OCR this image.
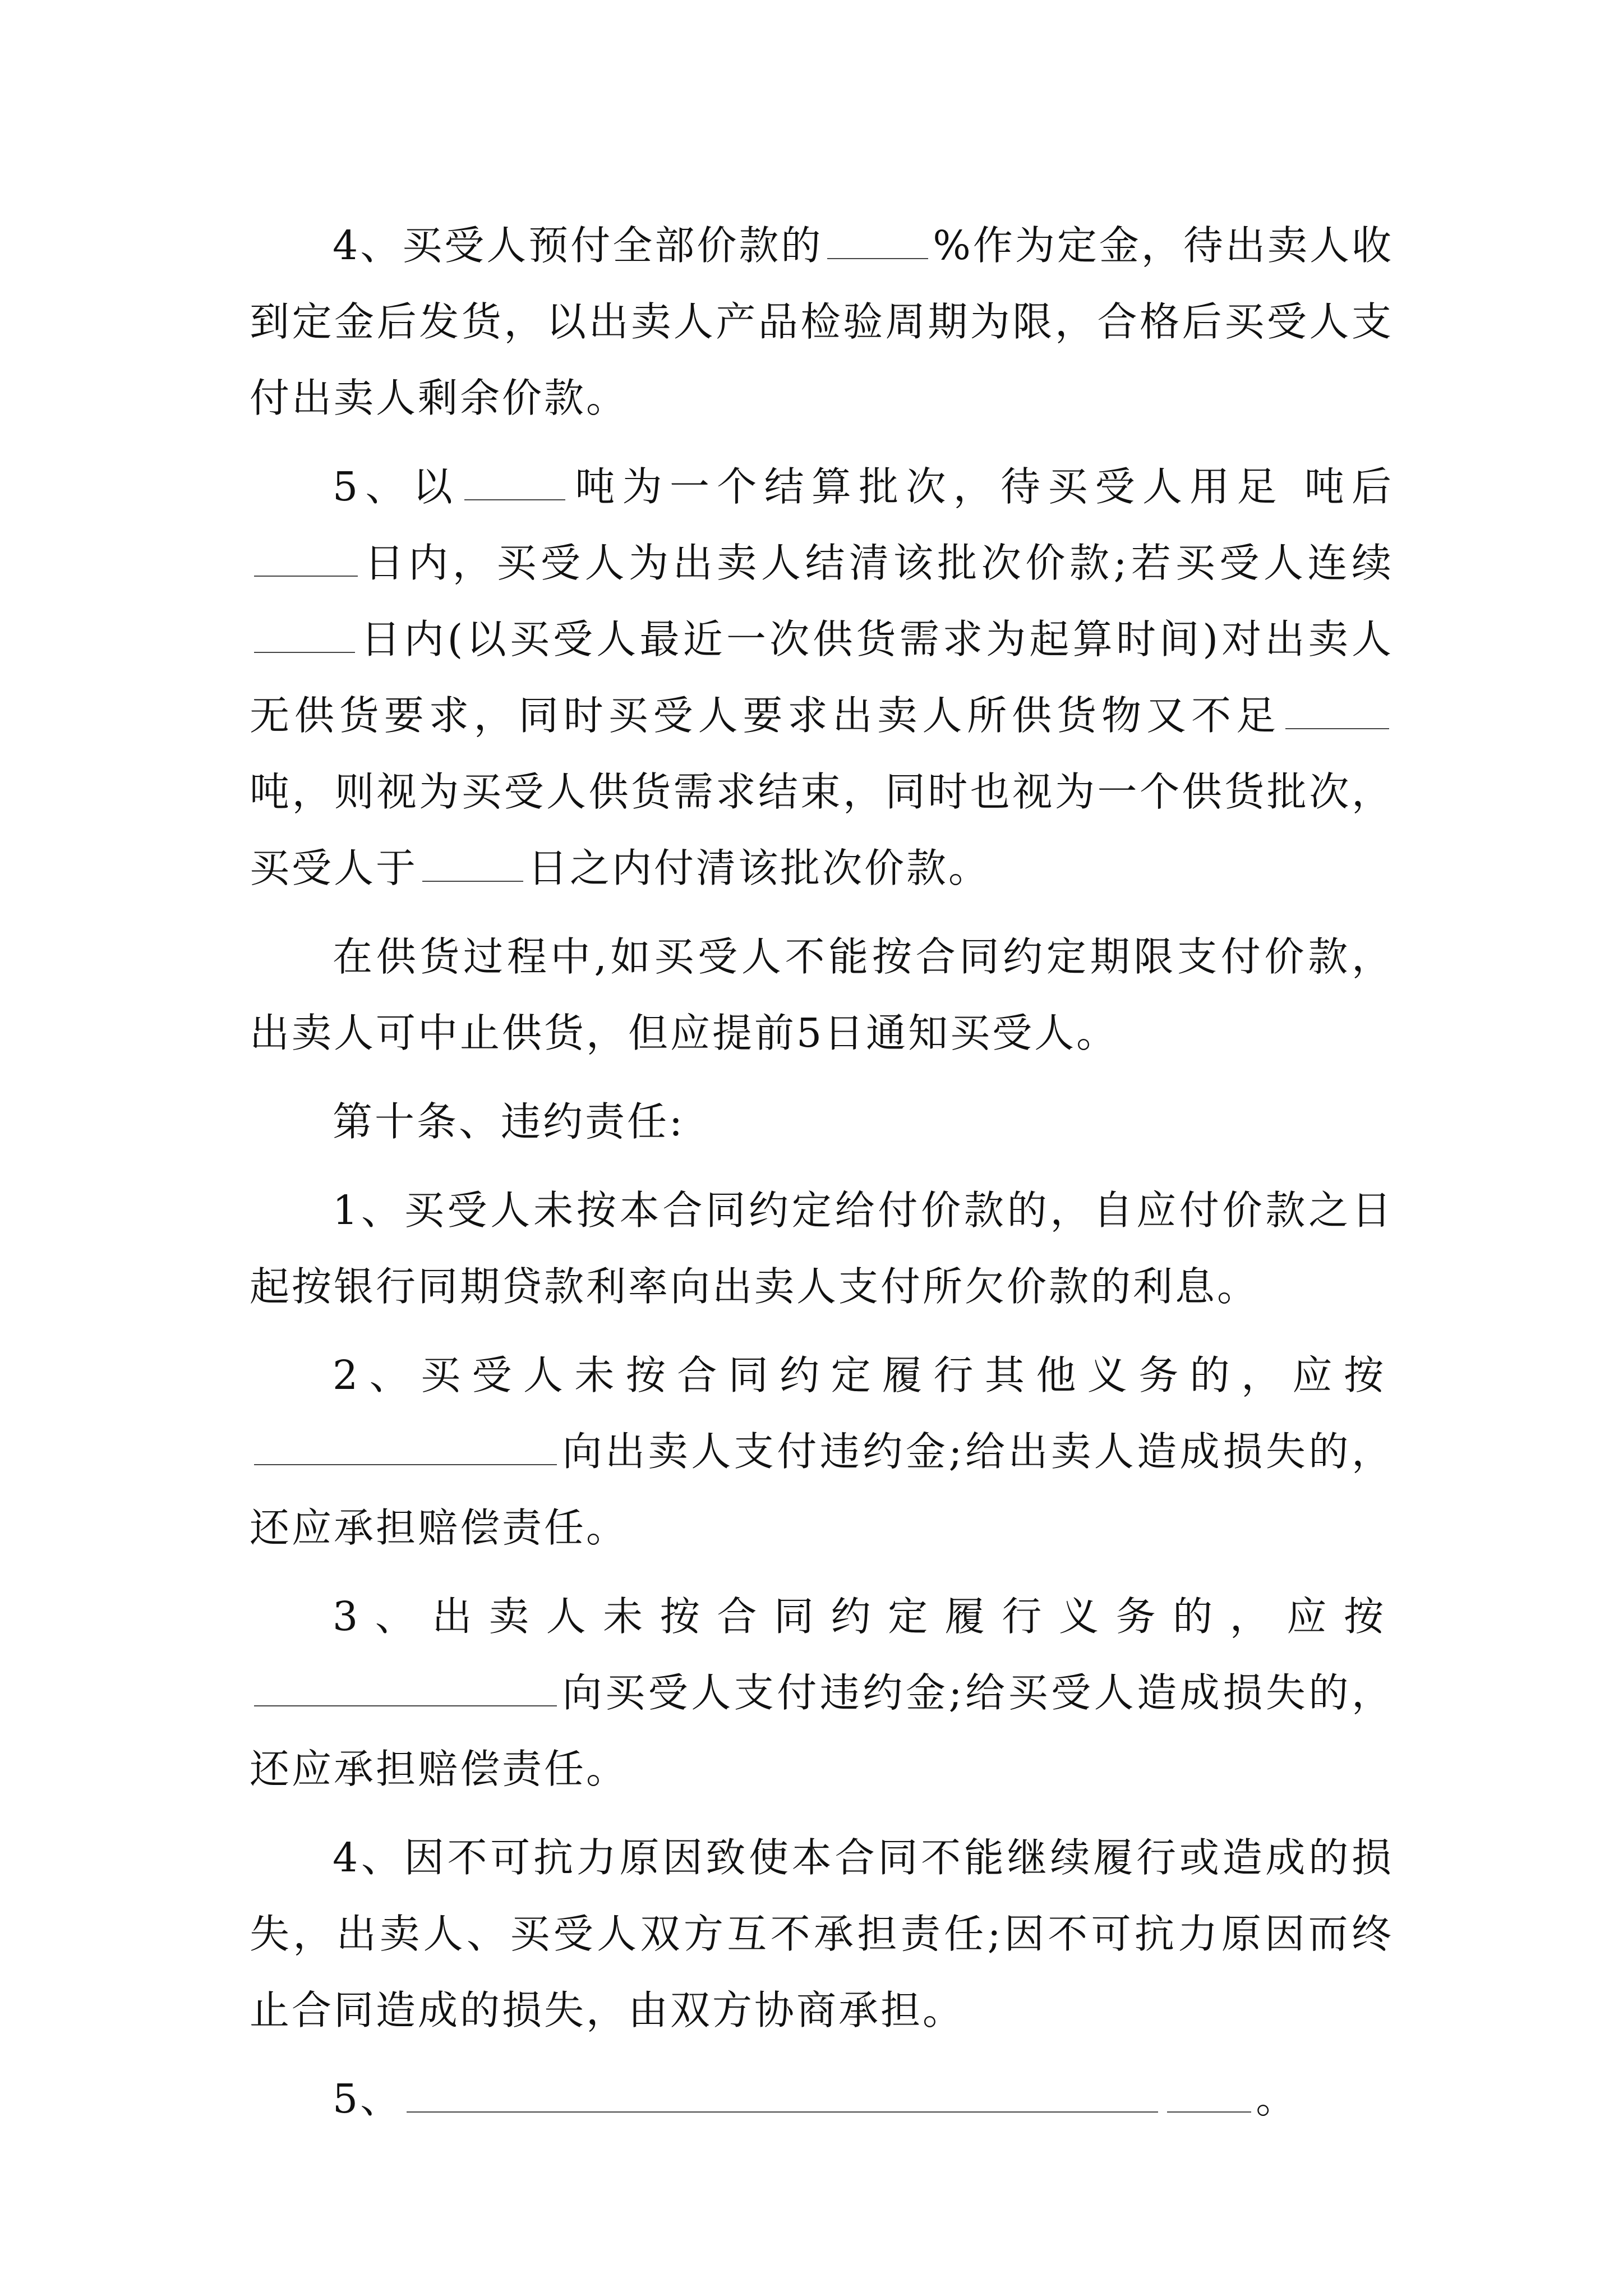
4、买受人预付全部价款的	%作为定金，待出卖人收到定金后发货，以出卖人产品检验周期为限，合格后买受人支付出卖人剩余价款。

5、以	吨为一个结算批次，待买受人用足 吨后日内，买受人为出卖人结清该批次价款;若买受人连续日内(以买受人最近一次供货需求为起算时间)对出卖人无供货要求，同时买受人要求出卖人所供货物又不足吨，则视为买受人供货需求结束，同时也视为一个供货批次，买受人于	日之内付清该批次价款。

在供货过程中,如买受人不能按合同约定期限支付价款，出卖人可中止供货，但应提前5日通知买受人。

第十条、违约责任:

1、买受人未按本合同约定给付价款的，自应付价款之日起按银行同期贷款利率向出卖人支付所欠价款的利息。

2、买受人未按合同约定履行其他义务的，应按向出卖人支付违约金;给出卖人造成损失的，还应承担赔偿责任。

3、出卖人未按合同约定履行义务的，应按向买受人支付违约金;给买受人造成损失的，还应承担赔偿责任。

4、因不可抗力原因致使本合同不能继续履行或造成的损失，出卖人、买受人双方互不承担责任;因不可抗力原因而终止合同造成的损失，由双方协商承担。

5、	。
